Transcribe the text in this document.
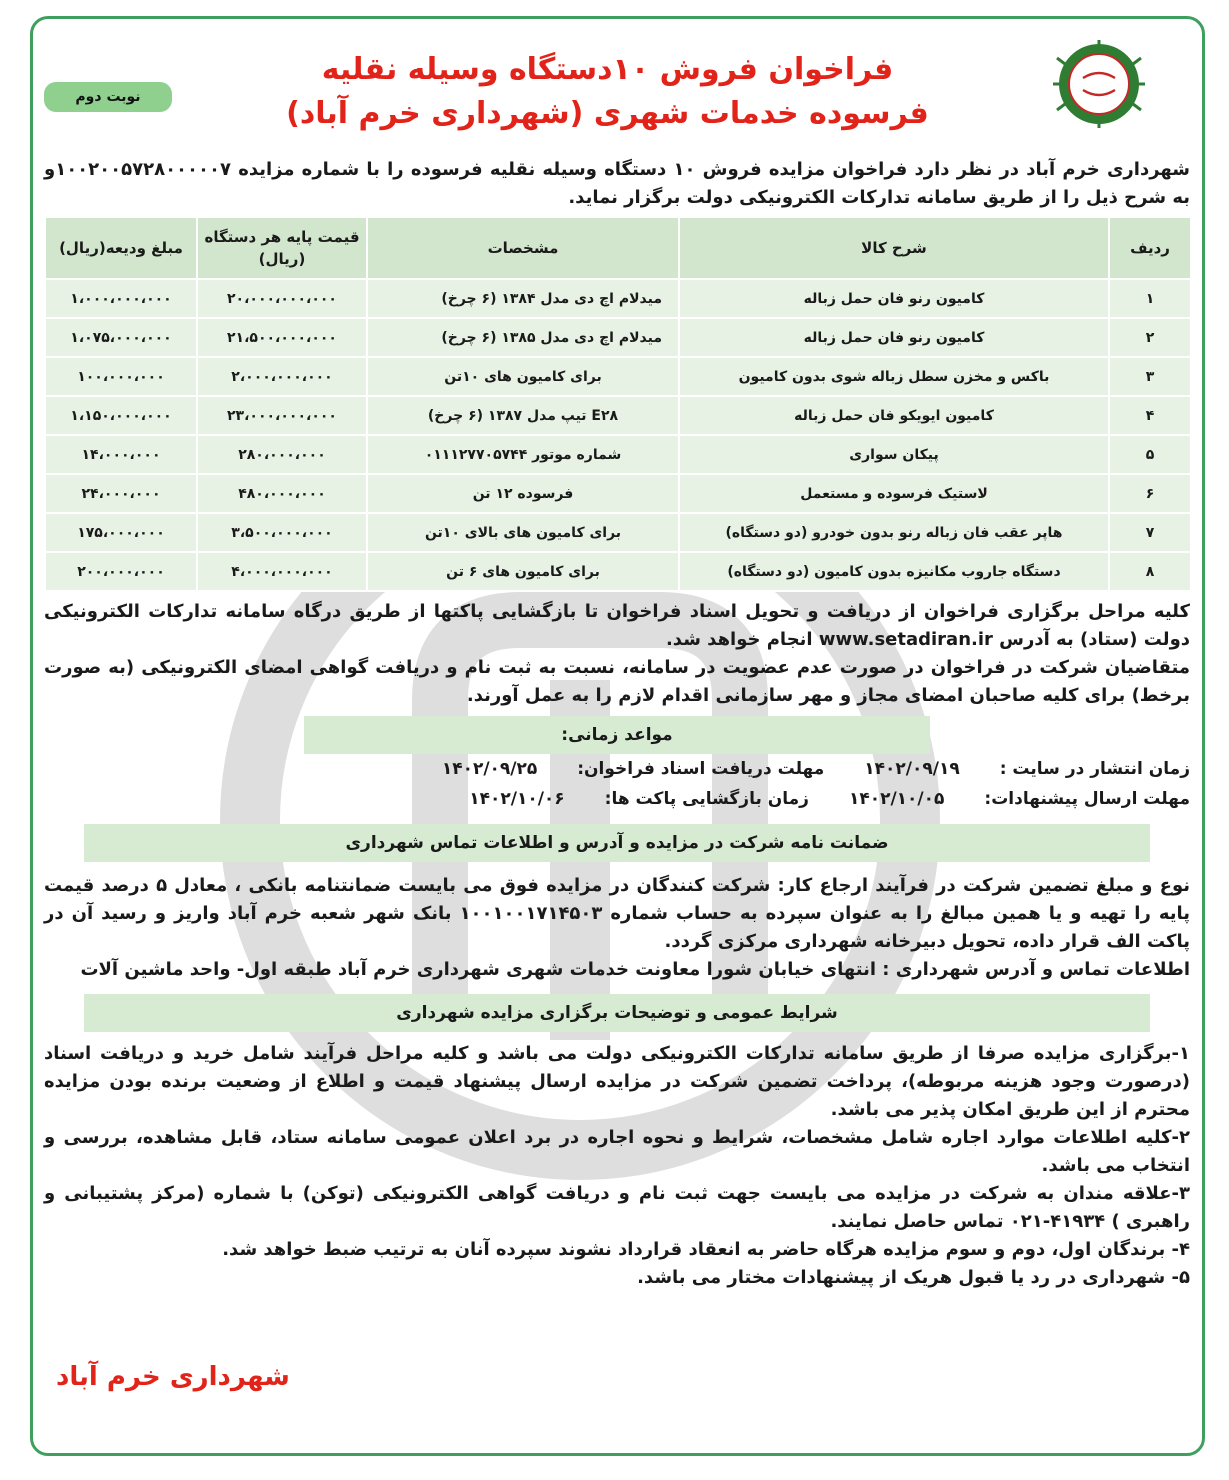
نوبت دوم
فراخوان فروش ۱۰دستگاه وسیله نقلیه
فرسوده خدمات شهری (شهرداری خرم آباد)

شهرداری خرم آباد در نظر دارد فراخوان مزایده فروش ۱۰ دستگاه وسیله نقلیه فرسوده را با شماره مزایده ۱۰۰۲۰۰۵۷۲۸۰۰۰۰۰۷و به شرح ذیل را از طریق سامانه تدارکات الکترونیکی دولت برگزار نماید.

ردیف	شرح کالا	مشخصات	قیمت پایه هر دستگاه (ریال)	مبلغ ودیعه(ریال)
۱	کامیون رنو فان حمل زباله	میدلام اچ دی مدل ۱۳۸۴ (۶ چرخ)	۲۰،۰۰۰،۰۰۰،۰۰۰	۱،۰۰۰،۰۰۰،۰۰۰
۲	کامیون رنو فان حمل زباله	میدلام اچ دی مدل ۱۳۸۵ (۶ چرخ)	۲۱،۵۰۰،۰۰۰،۰۰۰	۱،۰۷۵،۰۰۰،۰۰۰
۳	باکس و مخزن سطل زباله شوی بدون کامیون	برای کامیون های ۱۰تن	۲،۰۰۰،۰۰۰،۰۰۰	۱۰۰،۰۰۰،۰۰۰
۴	کامیون ایویکو فان حمل زباله	E۲۸ تیپ مدل ۱۳۸۷ (۶ چرخ)	۲۳،۰۰۰،۰۰۰،۰۰۰	۱،۱۵۰،۰۰۰،۰۰۰
۵	پیکان سواری	شماره موتور ۰۱۱۱۲۷۷۰۵۷۴۴	۲۸۰،۰۰۰،۰۰۰	۱۴،۰۰۰،۰۰۰
۶	لاستیک فرسوده و مستعمل	فرسوده ۱۲ تن	۴۸۰،۰۰۰،۰۰۰	۲۴،۰۰۰،۰۰۰
۷	هاپر عقب فان زباله رنو بدون خودرو (دو دستگاه)	برای کامیون های بالای ۱۰تن	۳،۵۰۰،۰۰۰،۰۰۰	۱۷۵،۰۰۰،۰۰۰
۸	دستگاه جاروب مکانیزه بدون کامیون (دو دستگاه)	برای کامیون های ۶ تن	۴،۰۰۰،۰۰۰،۰۰۰	۲۰۰،۰۰۰،۰۰۰

کلیه مراحل برگزاری فراخوان از دریافت و تحویل اسناد فراخوان تا بازگشایی پاکتها از طریق درگاه سامانه تدارکات الکترونیکی دولت (ستاد) به آدرس www.setadiran.ir انجام خواهد شد.

متقاضیان شرکت در فراخوان در صورت عدم عضویت در سامانه، نسبت به ثبت نام و دریافت گواهی امضای الکترونیکی (به صورت برخط) برای کلیه صاحبان امضای مجاز و مهر سازمانی اقدام لازم را به عمل آورند.

مواعد زمانی:
زمان انتشار در سایت :
۱۴۰۲/۰۹/۱۹
مهلت دریافت اسناد فراخوان:
۱۴۰۲/۰۹/۲۵
مهلت ارسال پیشنهادات:
۱۴۰۲/۱۰/۰۵
زمان بازگشایی پاکت ها:
۱۴۰۲/۱۰/۰۶
ضمانت نامه شرکت در مزایده و آدرس و اطلاعات تماس شهرداری

نوع و مبلغ تضمین شرکت در فرآیند ارجاع کار: شرکت کنندگان در مزایده فوق می بایست ضمانتنامه بانکی ، معادل ۵ درصد قیمت پایه را تهیه و یا همین مبالغ را به عنوان سپرده به حساب شماره ۱۰۰۱۰۰۱۷۱۴۵۰۳ بانک شهر شعبه خرم آباد واریز و رسید آن در پاکت الف قرار داده، تحویل دبیرخانه شهرداری مرکزی گردد.

اطلاعات تماس و آدرس شهرداری : انتهای خیابان شورا معاونت خدمات شهری شهرداری خرم آباد طبقه اول- واحد ماشین آلات

شرایط عمومی و توضیحات برگزاری مزایده شهرداری

۱-برگزاری مزایده صرفا از طریق سامانه تدارکات الکترونیکی دولت می باشد و کلیه مراحل فرآیند شامل خرید و دریافت اسناد (درصورت وجود هزینه مربوطه)، پرداخت تضمین شرکت در مزایده ارسال پیشنهاد قیمت و اطلاع از وضعیت برنده بودن مزایده محترم از این طریق امکان پذیر می باشد.

۲-کلیه اطلاعات موارد اجاره شامل مشخصات، شرایط و نحوه اجاره در برد اعلان عمومی سامانه ستاد، قابل مشاهده، بررسی و انتخاب می باشد.

۳-علاقه مندان به شرکت در مزایده می بایست جهت ثبت نام و دریافت گواهی الکترونیکی (توکن) با شماره (مرکز پشتیبانی و راهبری ) ۴۱۹۳۴-۰۲۱ تماس حاصل نمایند.

۴- برندگان اول، دوم و سوم مزایده هرگاه حاضر به انعقاد قرارداد نشوند سپرده آنان به ترتیب ضبط خواهد شد.

۵- شهرداری در رد یا قبول هریک از پیشنهادات مختار می باشد.

شهرداری خرم آباد
